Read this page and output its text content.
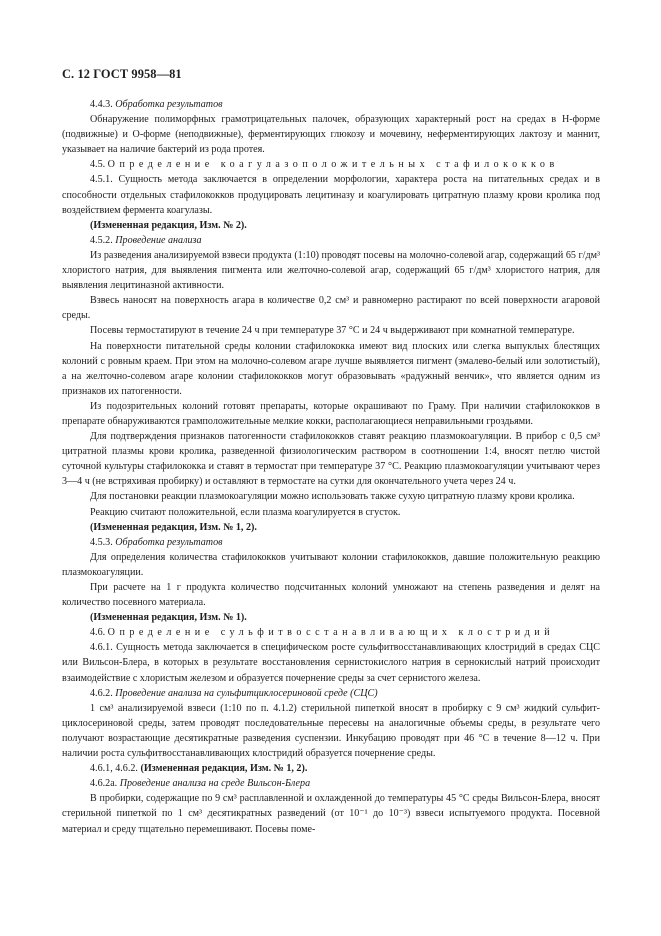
С. 12 ГОСТ 9958—81

4.4.3. Обработка результатов

Обнаружение полиморфных грамотрицательных палочек, образующих характерный рост на средах в Н-форме (подвижные) и О-форме (неподвижные), ферментирующих глюкозу и мочевину, неферментирующих лактозу и маннит, указывает на наличие бактерий из рода протея.

4.5. Определение коагулазоположительных стафилококков

4.5.1. Сущность метода заключается в определении морфологии, характера роста на питательных средах и в способности отдельных стафилококков продуцировать лецитиназу и коагулировать цитратную плазму крови кролика под воздействием фермента коагулазы.

(Измененная редакция, Изм. № 2).

4.5.2. Проведение анализа

Из разведения анализируемой взвеси продукта (1:10) проводят посевы на молочно-солевой агар, содержащий 65 г/дм³ хлористого натрия, для выявления пигмента или желточно-солевой агар, содержащий 65 г/дм³ хлористого натрия, для выявления лецитиназной активности.

Взвесь наносят на поверхность агара в количестве 0,2 см³ и равномерно растирают по всей поверхности агаровой среды.

Посевы термостатируют в течение 24 ч при температуре 37 °С и 24 ч выдерживают при комнатной температуре.

На поверхности питательной среды колонии стафилококка имеют вид плоских или слегка выпуклых блестящих колоний с ровным краем. При этом на молочно-солевом агаре лучше выявляется пигмент (эмалево-белый или золотистый), а на желточно-солевом агаре колонии стафилококков могут образовывать «радужный венчик», что является одним из признаков их патогенности.

Из подозрительных колоний готовят препараты, которые окрашивают по Граму. При наличии стафилококков в препарате обнаруживаются грамположительные мелкие кокки, располагающиеся неправильными гроздьями.

Для подтверждения признаков патогенности стафилококков ставят реакцию плазмокоагуляции. В прибор с 0,5 см³ цитратной плазмы крови кролика, разведенной физиологическим раствором в соотношении 1:4, вносят петлю чистой суточной культуры стафилококка и ставят в термостат при температуре 37 °С. Реакцию плазмокоагуляции учитывают через 3—4 ч (не встряхивая пробирку) и оставляют в термостате на сутки для окончательного учета через 24 ч.

Для постановки реакции плазмокоагуляции можно использовать также сухую цитратную плазму крови кролика.

Реакцию считают положительной, если плазма коагулируется в сгусток.

(Измененная редакция, Изм. № 1, 2).

4.5.3. Обработка результатов

Для определения количества стафилококков учитывают колонии стафилококков, давшие положительную реакцию плазмокоагуляции.

При расчете на 1 г продукта количество подсчитанных колоний умножают на степень разведения и делят на количество посевного материала.

(Измененная редакция, Изм. № 1).

4.6. Определение сульфитвосстанавливающих клостридий

4.6.1. Сущность метода заключается в специфическом росте сульфитвосстанавливающих клостридий в средах СЦС или Вильсон-Блера, в которых в результате восстановления сернистокислого натрия в сернокислый натрий происходит взаимодействие с хлористым железом и образуется почернение среды за счет сернистого железа.

4.6.2. Проведение анализа на сульфитциклосериновой среде (СЦС)

1 см³ анализируемой взвеси (1:10 по п. 4.1.2) стерильной пипеткой вносят в пробирку с 9 см³ жидкий сульфит-циклосериновой среды, затем проводят последовательные пересевы на аналогичные объемы среды, в результате чего получают возрастающие десятикратные разведения суспензии. Инкубацию проводят при 46 °С в течение 8—12 ч. При наличии роста сульфитвосстанавливающих клостридий образуется почернение среды.

4.6.1, 4.6.2. (Измененная редакция, Изм. № 1, 2).

4.6.2а. Проведение анализа на среде Вильсон-Блера

В пробирки, содержащие по 9 см³ расплавленной и охлажденной до температуры 45 °С среды Вильсон-Блера, вносят стерильной пипеткой по 1 см³ десятикратных разведений (от 10⁻¹ до 10⁻³) взвеси испытуемого продукта. Посевной материал и среду тщательно перемешивают. Посевы поме-
